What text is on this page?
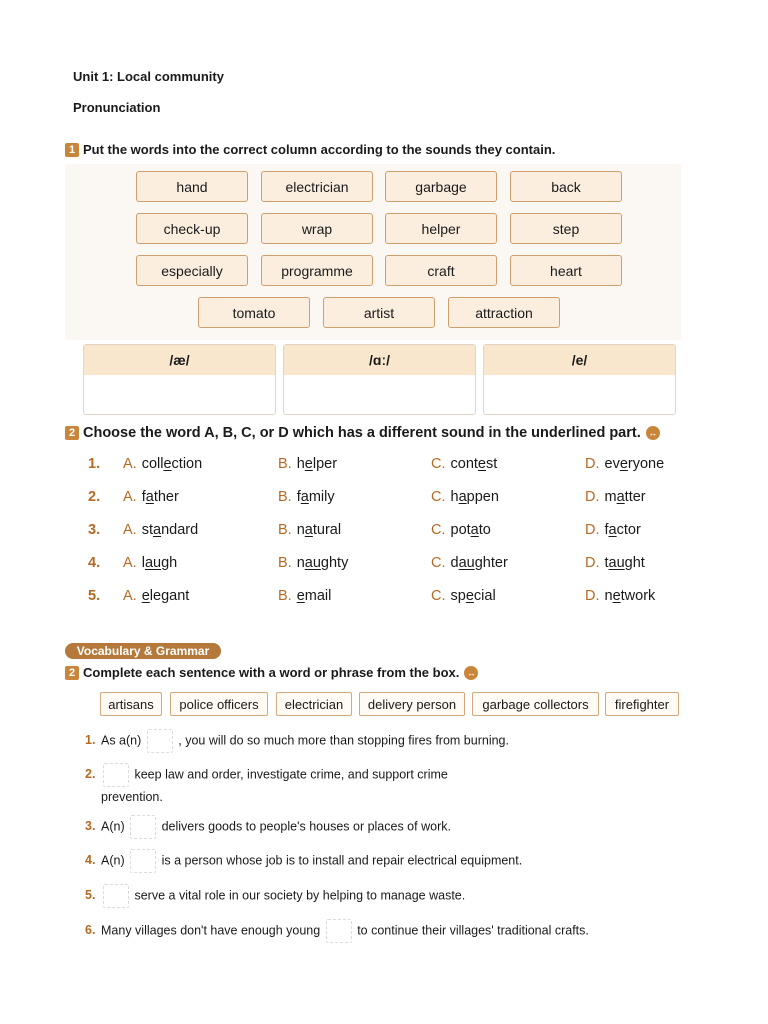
Unit 1: Local community
Pronunciation
1 Put the words into the correct column according to the sounds they contain.
hand	electrician	garbage	back
check-up	wrap	helper	step
especially	programme	craft	heart
tomato	artist	attraction
/æ/	/ɑː/	/e/
2 Choose the word A, B, C, or D which has a different sound in the underlined part. ↔
1. A. collection	B. helper	C. contest	D. everyone
2. A. father	B. family	C. happen	D. matter
3. A. standard	B. natural	C. potato	D. factor
4. A. laugh	B. naughty	C. daughter	D. taught
5. A. elegant	B. email	C. special	D. network
Vocabulary & Grammar
2 Complete each sentence with a word or phrase from the box. ↔
artisans	police officers	electrician	delivery person	garbage collectors	firefighter
1. As a(n)	, you will do so much more than stopping fires from burning.
2.	keep law and order, investigate crime, and support crime
prevention.
3. A(n)	delivers goods to people's houses or places of work.
4. A(n)	is a person whose job is to install and repair electrical equipment.
5.	serve a vital role in our society by helping to manage waste.
6. Many villages don't have enough young	to continue their villages' traditional crafts.
